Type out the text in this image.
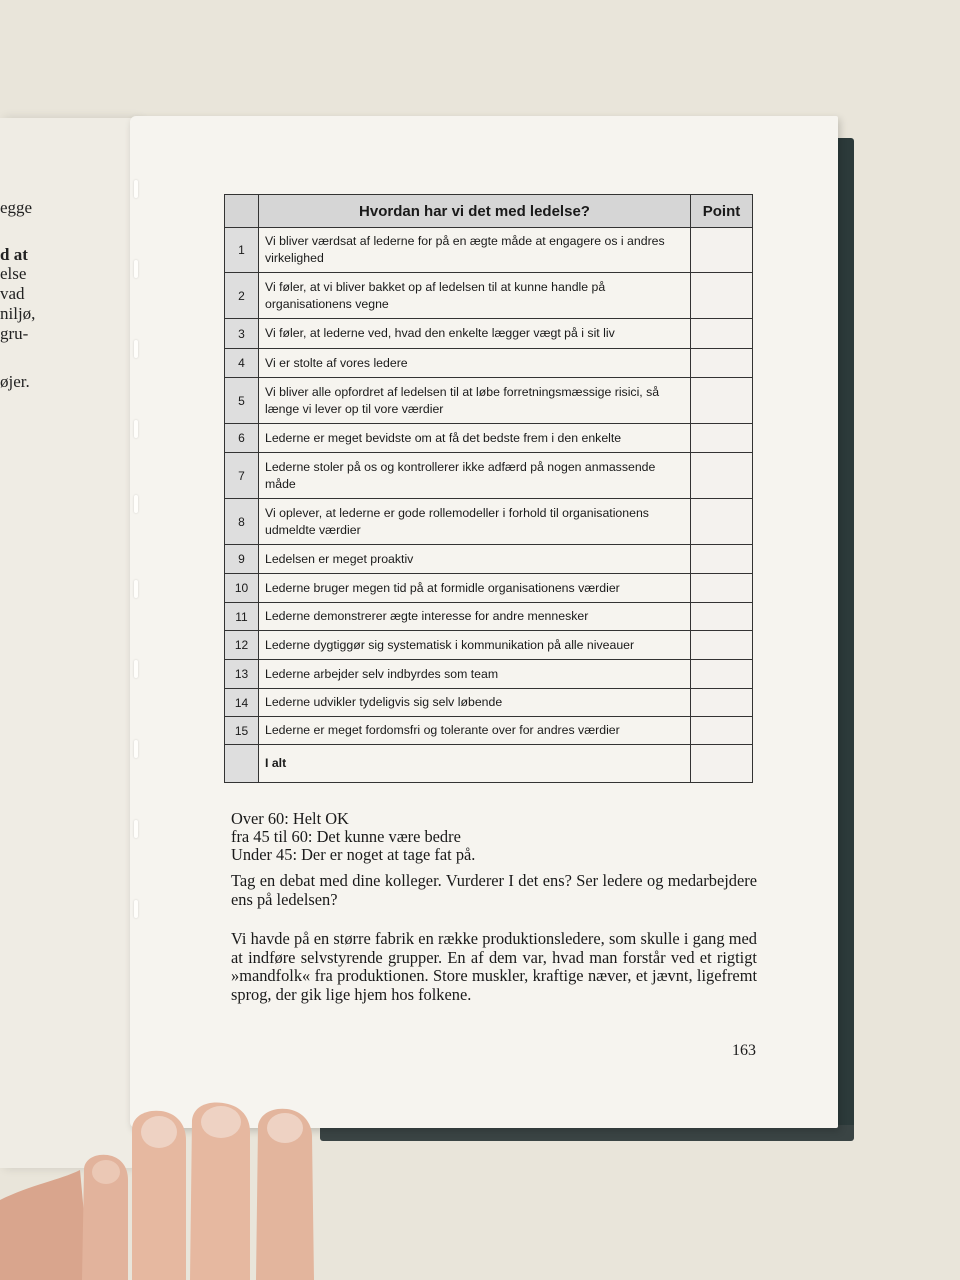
egge
d at
else
vad
niljø,
gru-
øjer.
	Hvordan har vi det med ledelse?	Point
1	Vi bliver værdsat af lederne for på en ægte måde at engagere os i andres virkelighed	
2	Vi føler, at vi bliver bakket op af ledelsen til at kunne handle på organisationens vegne	
3	Vi føler, at lederne ved, hvad den enkelte lægger vægt på i sit liv	
4	Vi er stolte af vores ledere	
5	Vi bliver alle opfordret af ledelsen til at løbe forretningsmæssige risici, så længe vi lever op til vore værdier	
6	Lederne er meget bevidste om at få det bedste frem i den enkelte	
7	Lederne stoler på os og kontrollerer ikke adfærd på nogen anmassende måde	
8	Vi oplever, at lederne er gode rollemodeller i forhold til organisationens udmeldte værdier	
9	Ledelsen er meget proaktiv	
10	Lederne bruger megen tid på at formidle organisationens værdier	
11	Lederne demonstrerer ægte interesse for andre mennesker	
12	Lederne dygtiggør sig systematisk i kommunikation på alle niveauer	
13	Lederne arbejder selv indbyrdes som team	
14	Lederne udvikler tydeligvis sig selv løbende	
15	Lederne er meget fordomsfri og tolerante over for andres værdier	
	I alt	
Over 60: Helt OK
fra 45 til 60: Det kunne være bedre
Under 45: Der er noget at tage fat på.
Tag en debat med dine kolleger. Vurderer I det ens? Ser ledere og medarbejdere ens på ledelsen?
Vi havde på en større fabrik en række produktionsledere, som skulle i gang med at indføre selvstyrende grupper. En af dem var, hvad man forstår ved et rigtigt »mandfolk« fra produktionen. Store muskler, kraftige næver, et jævnt, ligefremt sprog, der gik lige hjem hos folkene.
163
